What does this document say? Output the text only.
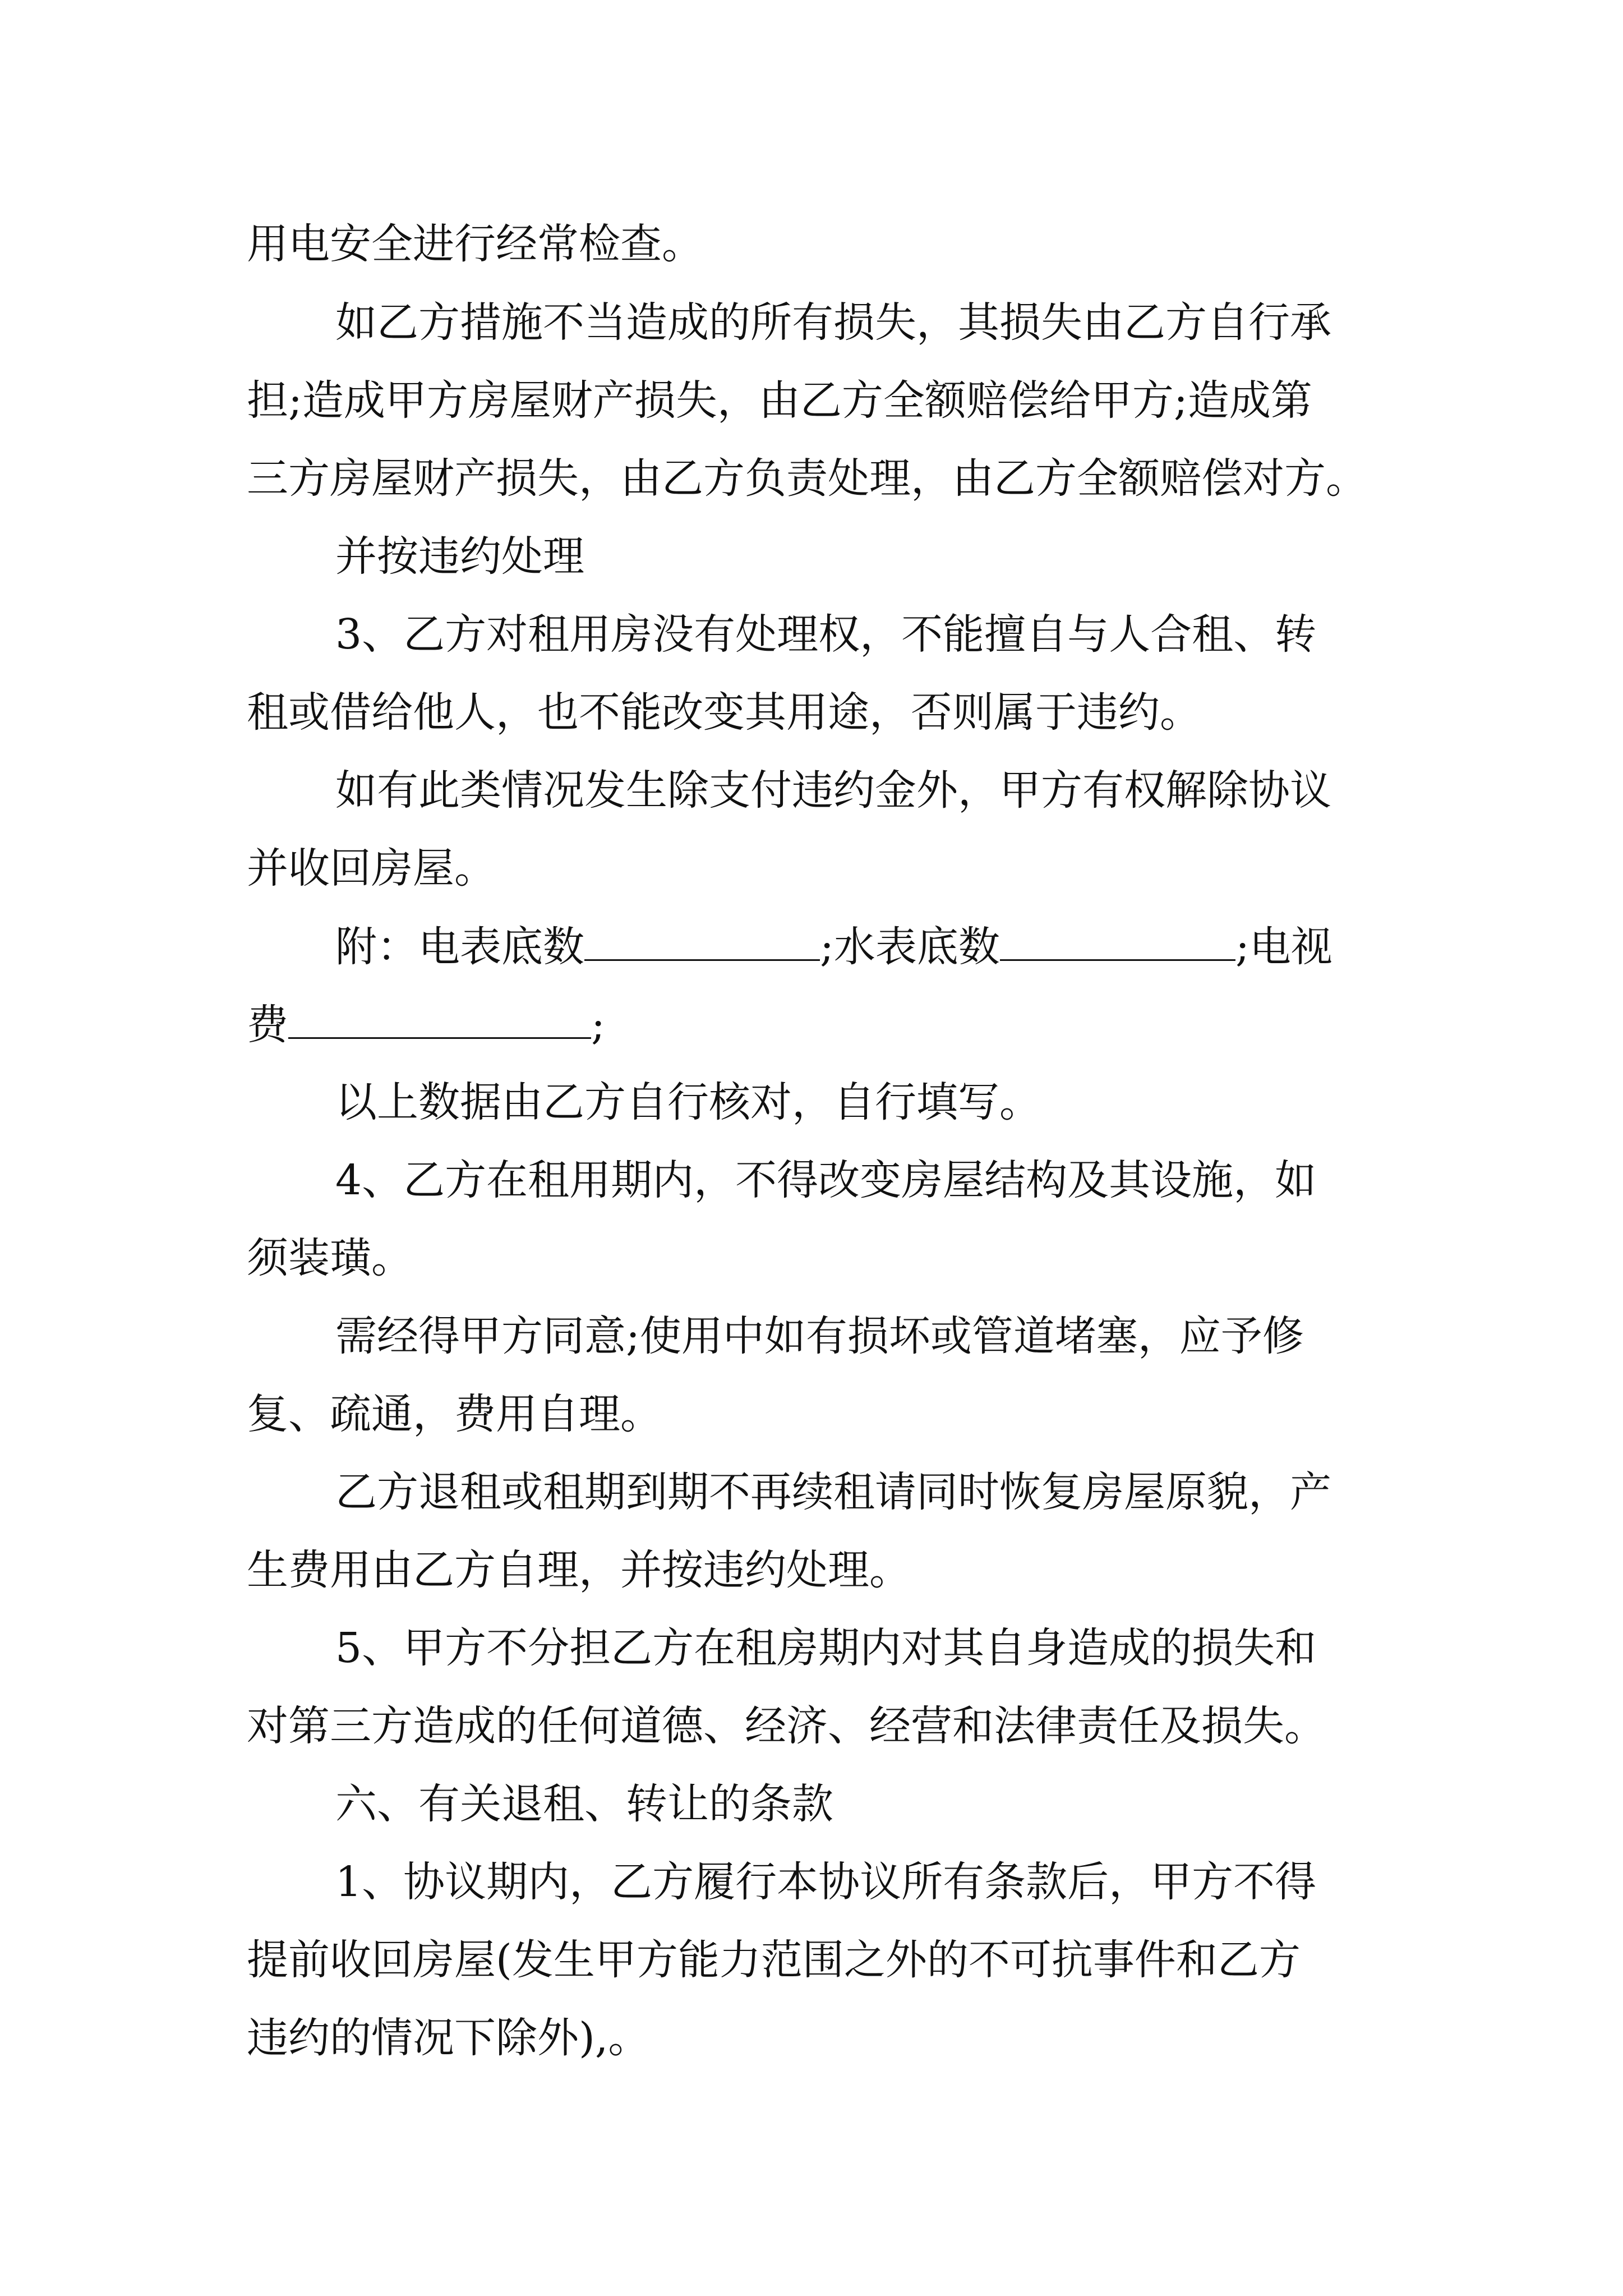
用电安全进行经常检查。
如乙方措施不当造成的所有损失，其损失由乙方自行承
担;造成甲方房屋财产损失，由乙方全额赔偿给甲方;造成第
三方房屋财产损失，由乙方负责处理，由乙方全额赔偿对方。
并按违约处理
3、乙方对租用房没有处理权，不能擅自与人合租、转
租或借给他人，也不能改变其用途，否则属于违约。
如有此类情况发生除支付违约金外，甲方有权解除协议
并收回房屋。
附：电表底数	;水表底数	;电视
费	;
以上数据由乙方自行核对，自行填写。
4、乙方在租用期内，不得改变房屋结构及其设施，如
须装璜。
需经得甲方同意;使用中如有损坏或管道堵塞，应予修
复、疏通，费用自理。
乙方退租或租期到期不再续租请同时恢复房屋原貌，产
生费用由乙方自理，并按违约处理。
5、甲方不分担乙方在租房期内对其自身造成的损失和
对第三方造成的任何道德、经济、经营和法律责任及损失。
六、有关退租、转让的条款
1、协议期内，乙方履行本协议所有条款后，甲方不得
提前收回房屋(发生甲方能力范围之外的不可抗事件和乙方
违约的情况下除外),。
